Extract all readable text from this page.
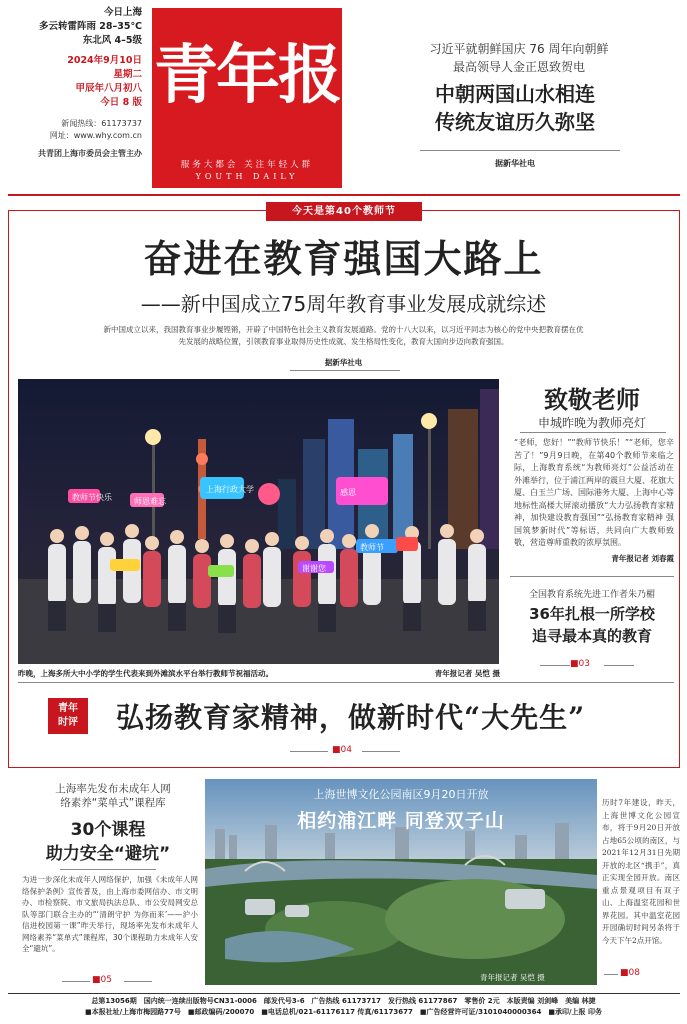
今日上海
多云转雷阵雨 28–35℃
东北风 4–5级
2024年9月10日
星期二
甲辰年八月初八
今日 8 版
新闻热线：61173737
网址：www.why.com.cn
共青团上海市委员会主管主办
青年报
服务大都会 关注年轻人群
YOUTH DAILY
习近平就朝鲜国庆 76 周年向朝鲜
最高领导人金正恩致贺电
中朝两国山水相连
传统友谊历久弥坚
据新华社电
今天是第40个教师节
奋进在教育强国大路上
——新中国成立75周年教育事业发展成就综述
新中国成立以来，我国教育事业步履铿锵，开辟了中国特色社会主义教育发展道路。党的十八大以来，以习近平同志为核心的党中央把教育摆在优先发展的战略位置，引领教育事业取得历史性成就、发生格局性变化，教育大国向步迈向教育强国。
据新华社电
教师节快乐	师恩难忘
上海行政大学	感恩
教师节
谢谢您
昨晚，上海多所大中小学的学生代表来到外滩滨水平台举行教师节祝福活动。	青年报记者 吴恺 摄
致敬老师
申城昨晚为教师亮灯
“老师，您好！”“教师节快乐！”“老师，您辛苦了！”9月9日晚，在第40个教师节来临之际，上海教育系统“为教师亮灯”公益活动在外滩举行，位于浦江两岸的震旦大厦、花旗大厦、白玉兰广场、国际港务大厦、上海中心等地标性高楼大屏滚动播放“大力弘扬教育家精神，加快建设教育强国”“弘扬教育家精神 强国筑梦新时代”等标语，共同向广大教师致敬，营造尊师重教的浓厚氛围。
青年报记者 刘春霞
全国教育系统先进工作者朱乃楣
36年扎根一所学校
追寻最本真的教育
■03
青年
时评	弘扬教育家精神，做新时代“大先生”
■04
上海率先发布未成年人网
络素养“菜单式”课程库
30个课程
助力安全“避坑”
为进一步深化未成年人网络保护，加强《未成年人网络保护条例》宣传普及，由上海市委网信办、市文明办、市检察院、市文旅局执法总队、市公安局网安总队等部门联合主办的“‘清朗守护 为你而来’——沪小信进校园第一课”昨天举行，现场率先发布未成年人网络素养“菜单式”课程库，30个课程助力未成年人安全“避坑”。
■05
上海世博文化公园南区9月20日开放
相约浦江畔 同登双子山
青年报记者 吴恺 摄
历时7年建设，昨天，上海世博文化公园宣布，将于9月20日开放占地65公顷的南区，与2021年12月31日先期开放的北区“携手”，真正实现全园开放。南区重点景观项目有双子山、上海温室花园和世界花园。其中温室花园开园确切时间另条将于今天下午2点开馆。
■08
总第13056期　国内统一连续出版物号CN31-0006　邮发代号3-6　广告热线 61173717　发行热线 61177867　零售价 2元　本版责编 刘剑峰　美编 林捷
■本报社址/上海市梅园路77号　■邮政编码/200070　■电话总机/021-61176117 传真/61173677　■广告经营许可证/3101040000364　■承印/上报 印务
